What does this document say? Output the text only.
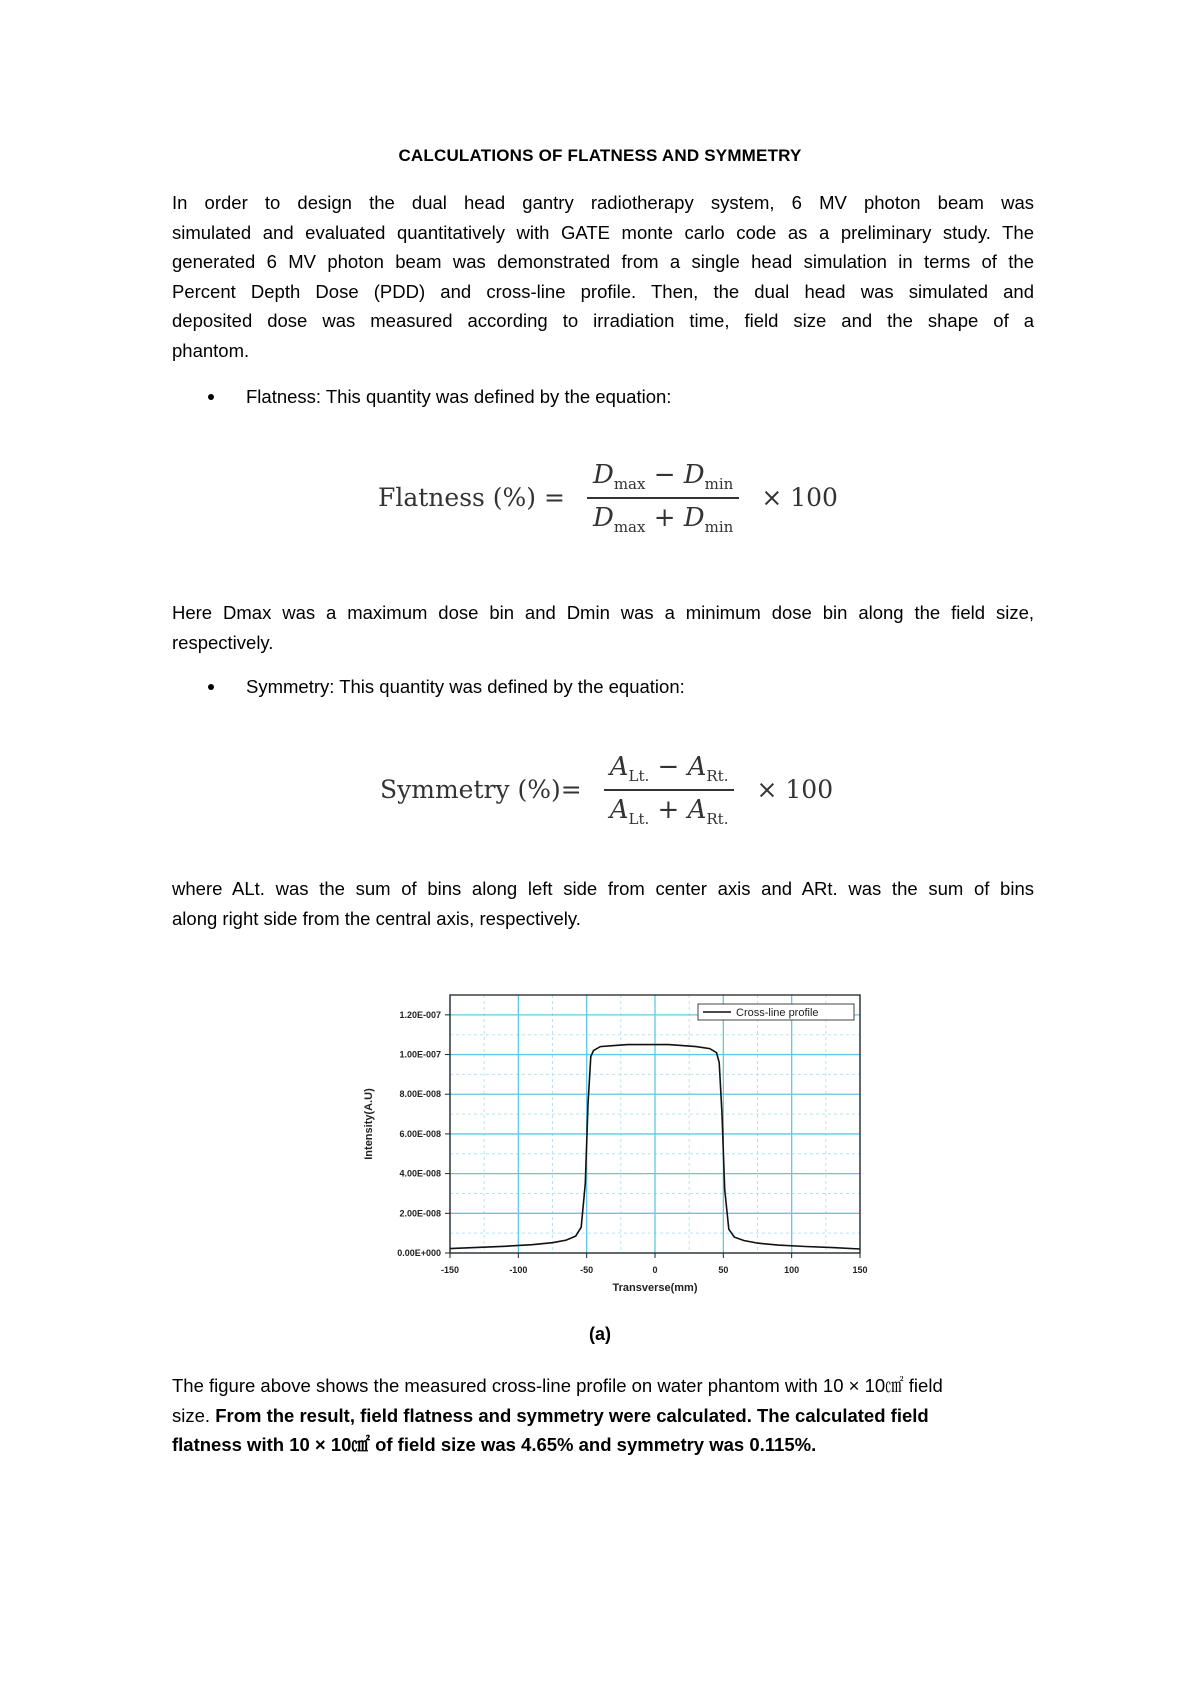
CALCULATIONS OF FLATNESS AND SYMMETRY
In order to design the dual head gantry radiotherapy system, 6 MV photon beam was
simulated and evaluated quantitatively with GATE monte carlo code as a preliminary study. The
generated 6 MV photon beam was demonstrated from a single head simulation in terms of the
Percent Depth Dose (PDD) and cross-line profile. Then, the dual head was simulated and
deposited dose was measured according to irradiation time, field size and the shape of a
phantom.
Flatness: This quantity was defined by the equation:
Flatness (%) = $\frac{D_{max} - D_{min}}{D_{max} + D_{min}} \times 100$
Here Dmax was a maximum dose bin and Dmin was a minimum dose bin along the field size,
respectively.
Symmetry: This quantity was defined by the equation:
Symmetry (%)= $\frac{A_{Lt.} - A_{Rt.}}{A_{Lt.} + A_{Rt.}} \times 100$
where ALt. was the sum of bins along left side from center axis and ARt. was the sum of bins
along right side from the central axis, respectively.
-150	-100	-50	0	50	100	150
0.00E+000
2.00E-008
4.00E-008
6.00E-008
8.00E-008
1.00E-007
1.20E-007
Transverse(mm)
Intensity(A.U)
Cross-line profile
(a)
The figure above shows the measured cross-line profile on water phantom with 10 × 10㎠ field
size. From the result, field flatness and symmetry were calculated. The calculated field
flatness with 10 × 10㎠ of field size was 4.65% and symmetry was 0.115%.
